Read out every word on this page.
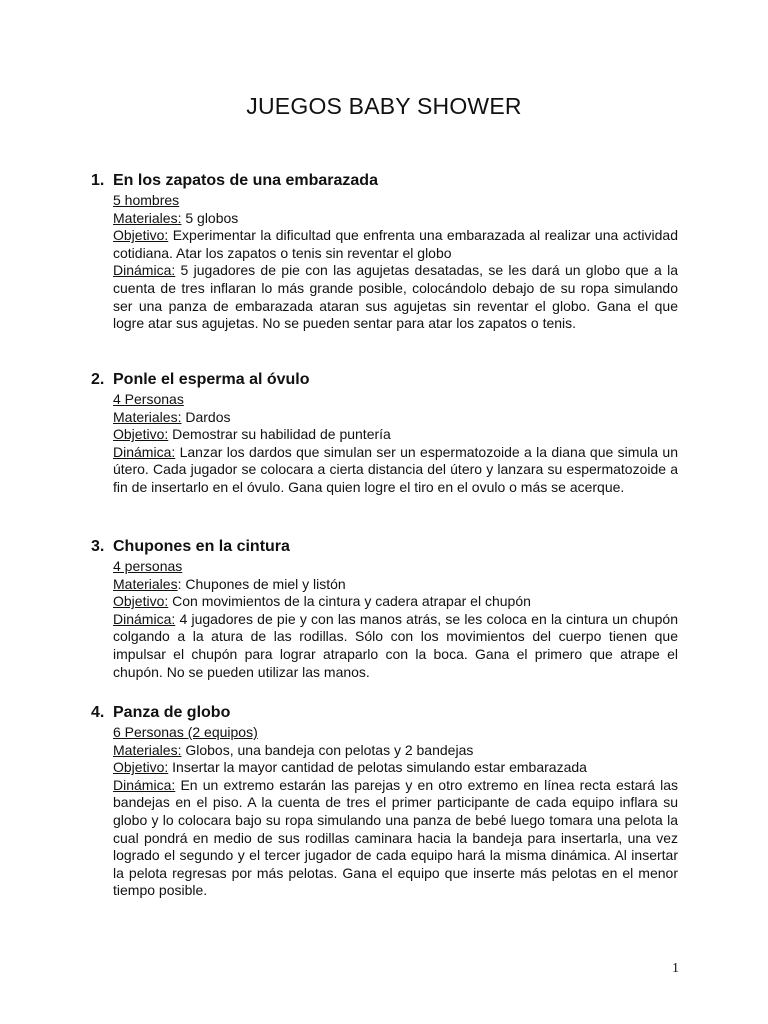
JUEGOS BABY SHOWER
1. En los zapatos de una embarazada

5 hombres

Materiales: 5 globos

Objetivo: Experimentar la dificultad que enfrenta una embarazada al realizar una actividad cotidiana. Atar los zapatos o tenis sin reventar el globo

Dinámica: 5 jugadores de pie con las agujetas desatadas, se les dará un globo que a la cuenta de tres inflaran lo más grande posible, colocándolo debajo de su ropa simulando ser una panza de embarazada ataran sus agujetas sin reventar el globo. Gana el que logre atar sus agujetas. No se pueden sentar para atar los zapatos o tenis.

2. Ponle el esperma al óvulo

4 Personas

Materiales: Dardos

Objetivo: Demostrar su habilidad de puntería

Dinámica: Lanzar los dardos que simulan ser un espermatozoide a la diana que simula un útero. Cada jugador se colocara a cierta distancia del útero y lanzara su espermatozoide a fin de insertarlo en el óvulo. Gana quien logre el tiro en el ovulo o más se acerque.

3. Chupones en la cintura

4 personas

Materiales: Chupones de miel y listón

Objetivo: Con movimientos de la cintura y cadera atrapar el chupón

Dinámica: 4 jugadores de pie y con las manos atrás, se les coloca en la cintura un chupón colgando a la atura de las rodillas. Sólo con los movimientos del cuerpo tienen que impulsar el chupón para lograr atraparlo con la boca. Gana el primero que atrape el chupón. No se pueden utilizar las manos.

4. Panza de globo

6 Personas (2 equipos)

Materiales: Globos, una bandeja con pelotas y 2 bandejas

Objetivo: Insertar la mayor cantidad de pelotas simulando estar embarazada

Dinámica: En un extremo estarán las parejas y en otro extremo en línea recta estará las bandejas en el piso. A la cuenta de tres el primer participante de cada equipo inflara su globo y lo colocara bajo su ropa simulando una panza de bebé luego tomara una pelota la cual pondrá en medio de sus rodillas caminara hacia la bandeja para insertarla, una vez logrado el segundo y el tercer jugador de cada equipo hará la misma dinámica. Al insertar la pelota regresas por más pelotas. Gana el equipo que inserte más pelotas en el menor tiempo posible.

1
